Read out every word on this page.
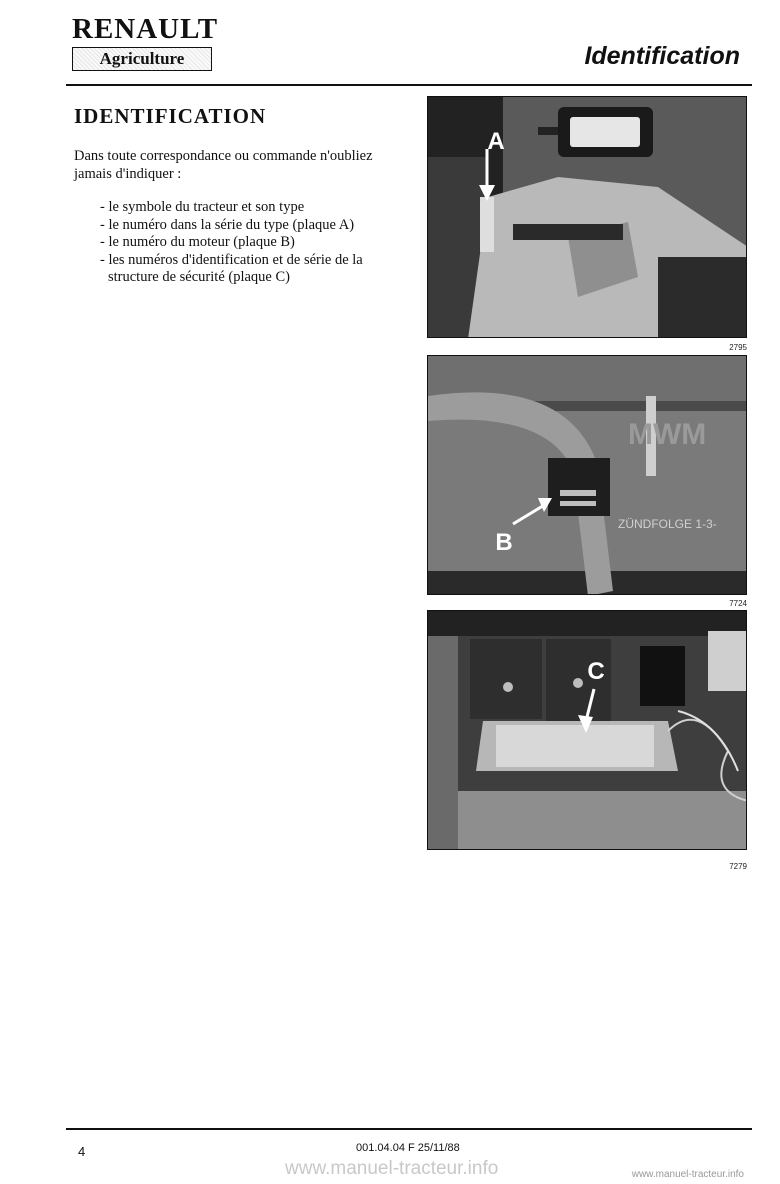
RENAULT
Agriculture	Identification
IDENTIFICATION
Dans toute correspondance ou commande n'oubliez jamais d'indiquer :
- le symbole du tracteur et son type
- le numéro dans la série du type (plaque A)
- le numéro du moteur (plaque B)
- les numéros d'identification et de série de la structure de sécurité (plaque C)
A
2795
MWM
ZÜNDFOLGE 1-3-
B
7724
C
7279
4	001.04.04 F 25/11/88
www.manuel-tracteur.info	www.manuel-tracteur.info
